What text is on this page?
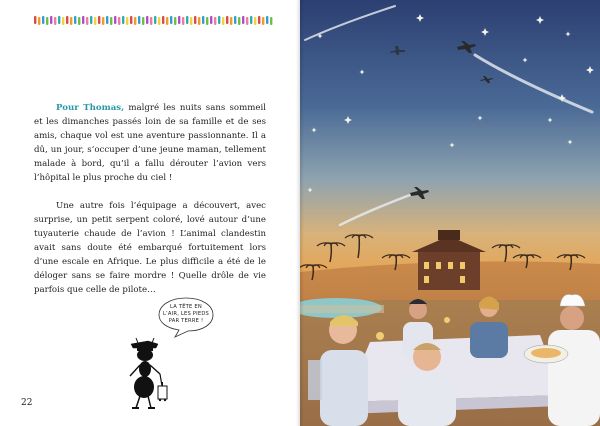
Pour Thomas, malgré les nuits sans sommeil et les dimanches passés loin de sa famille et de ses amis, chaque vol est une aventure passionnante. Il a dû, un jour, s’occuper d’une jeune maman, tellement malade à bord, qu’il a fallu dérouter l’avion vers l’hôpital le plus proche du ciel !

Une autre fois l’équipage a découvert, avec surprise, un petit serpent coloré, lové autour d’une tuyauterie chaude de l’avion ! L’animal clandestin avait sans doute été embarqué fortuitement lors d’une escale en Afrique. Le plus difficile a été de le déloger sans se faire mordre ! Quelle drôle de vie parfois que celle de pilote…

LA TÊTE EN
L’AIR, LES PIEDS
PAR TERRE !
22
